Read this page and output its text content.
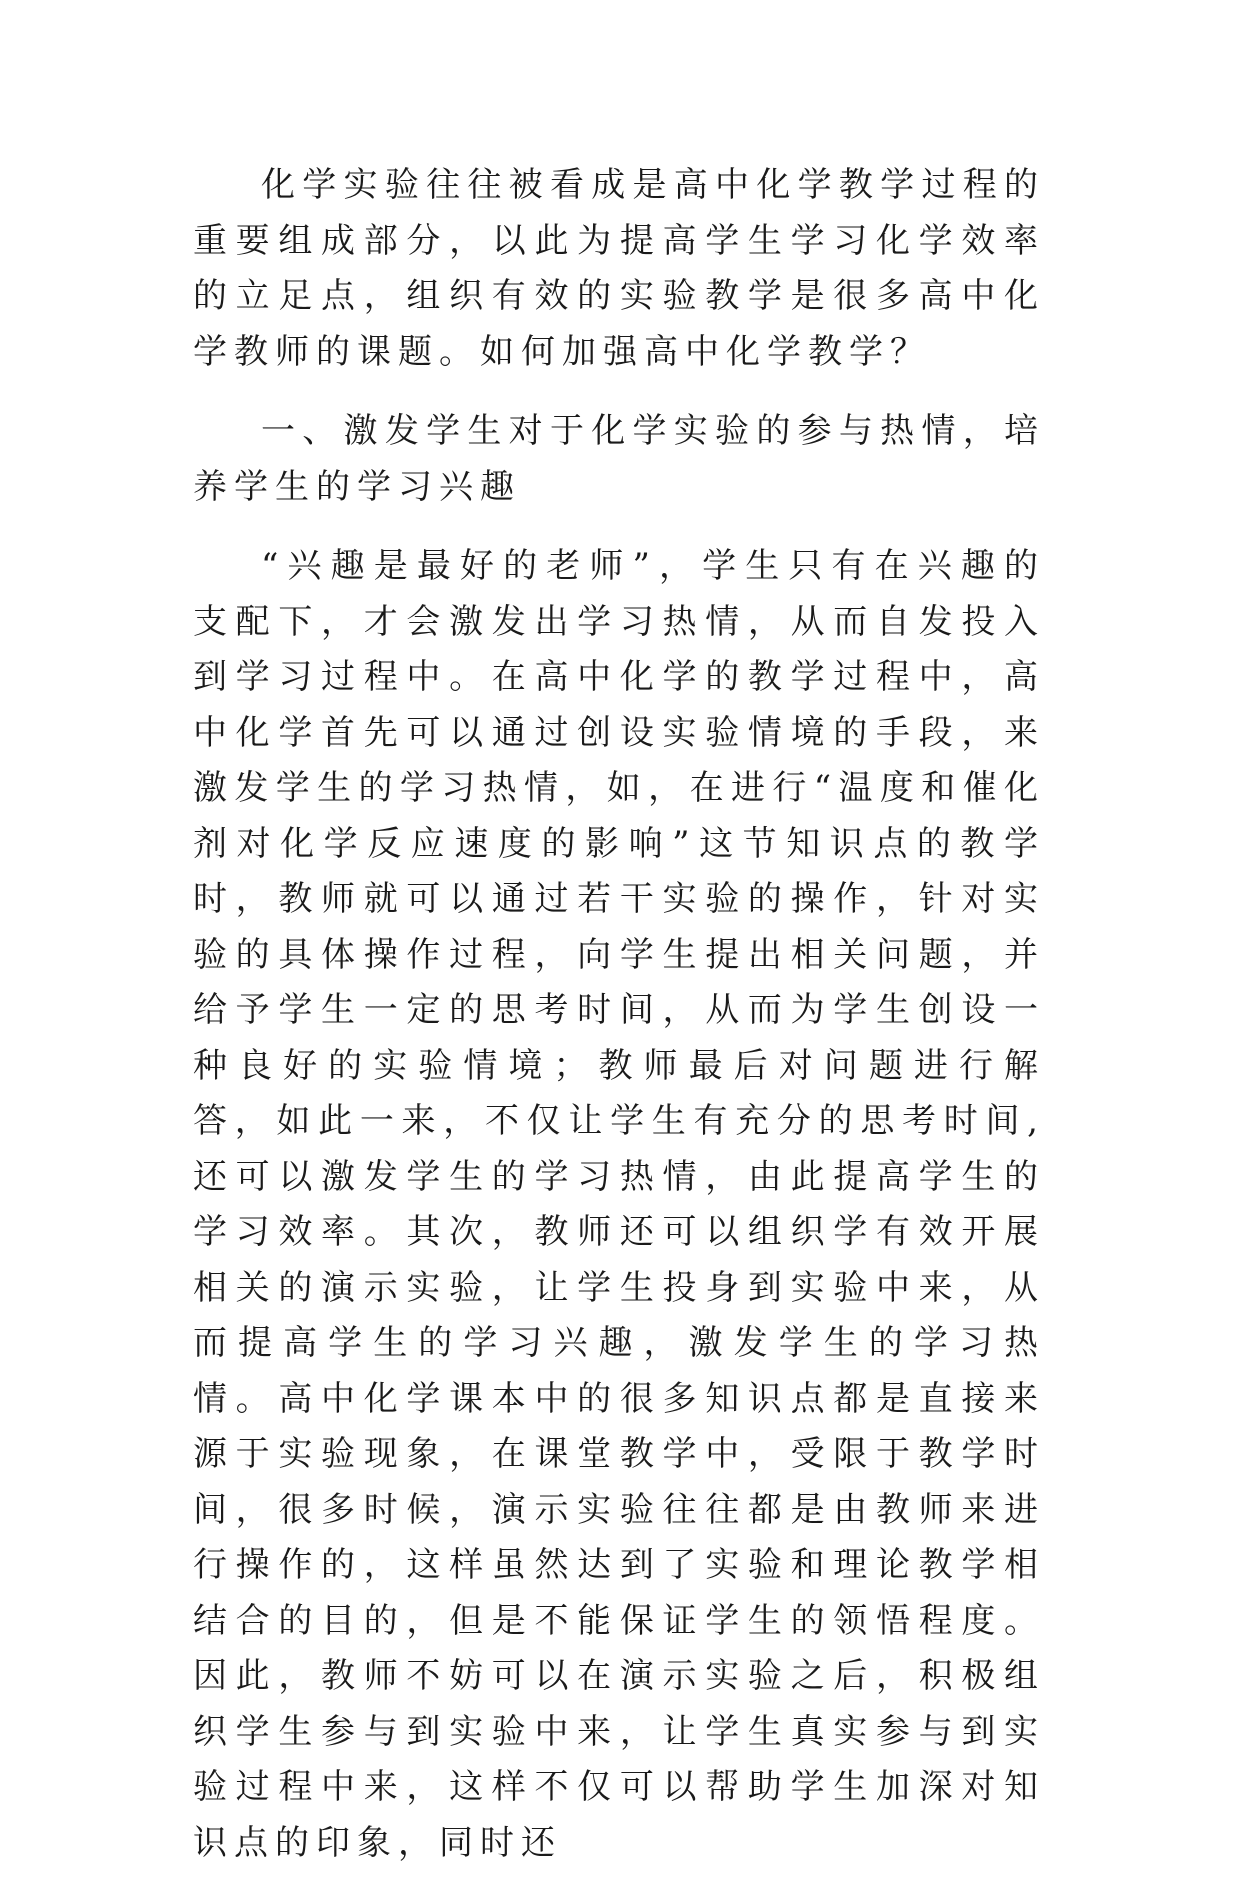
化学实验往往被看成是高中化学教学过程的重要组成部分，以此为提高学生学习化学效率的立足点，组织有效的实验教学是很多高中化学教师的课题。如何加强高中化学教学？

一、激发学生对于化学实验的参与热情，培养学生的学习兴趣

“兴趣是最好的老师”，学生只有在兴趣的支配下，才会激发出学习热情，从而自发投入到学习过程中。在高中化学的教学过程中，高中化学首先可以通过创设实验情境的手段，来激发学生的学习热情，如，在进行“温度和催化剂对化学反应速度的影响”这节知识点的教学时，教师就可以通过若干实验的操作，针对实验的具体操作过程，向学生提出相关问题，并给予学生一定的思考时间，从而为学生创设一种良好的实验情境；教师最后对问题进行解答，如此一来，不仅让学生有充分的思考时间,还可以激发学生的学习热情，由此提高学生的学习效率。其次，教师还可以组织学有效开展相关的演示实验，让学生投身到实验中来，从而提高学生的学习兴趣，激发学生的学习热情。高中化学课本中的很多知识点都是直接来源于实验现象，在课堂教学中，受限于教学时间，很多时候，演示实验往往都是由教师来进行操作的，这样虽然达到了实验和理论教学相结合的目的，但是不能保证学生的领悟程度。因此，教师不妨可以在演示实验之后，积极组织学生参与到实验中来，让学生真实参与到实验过程中来，这样不仅可以帮助学生加深对知识点的印象，同时还
